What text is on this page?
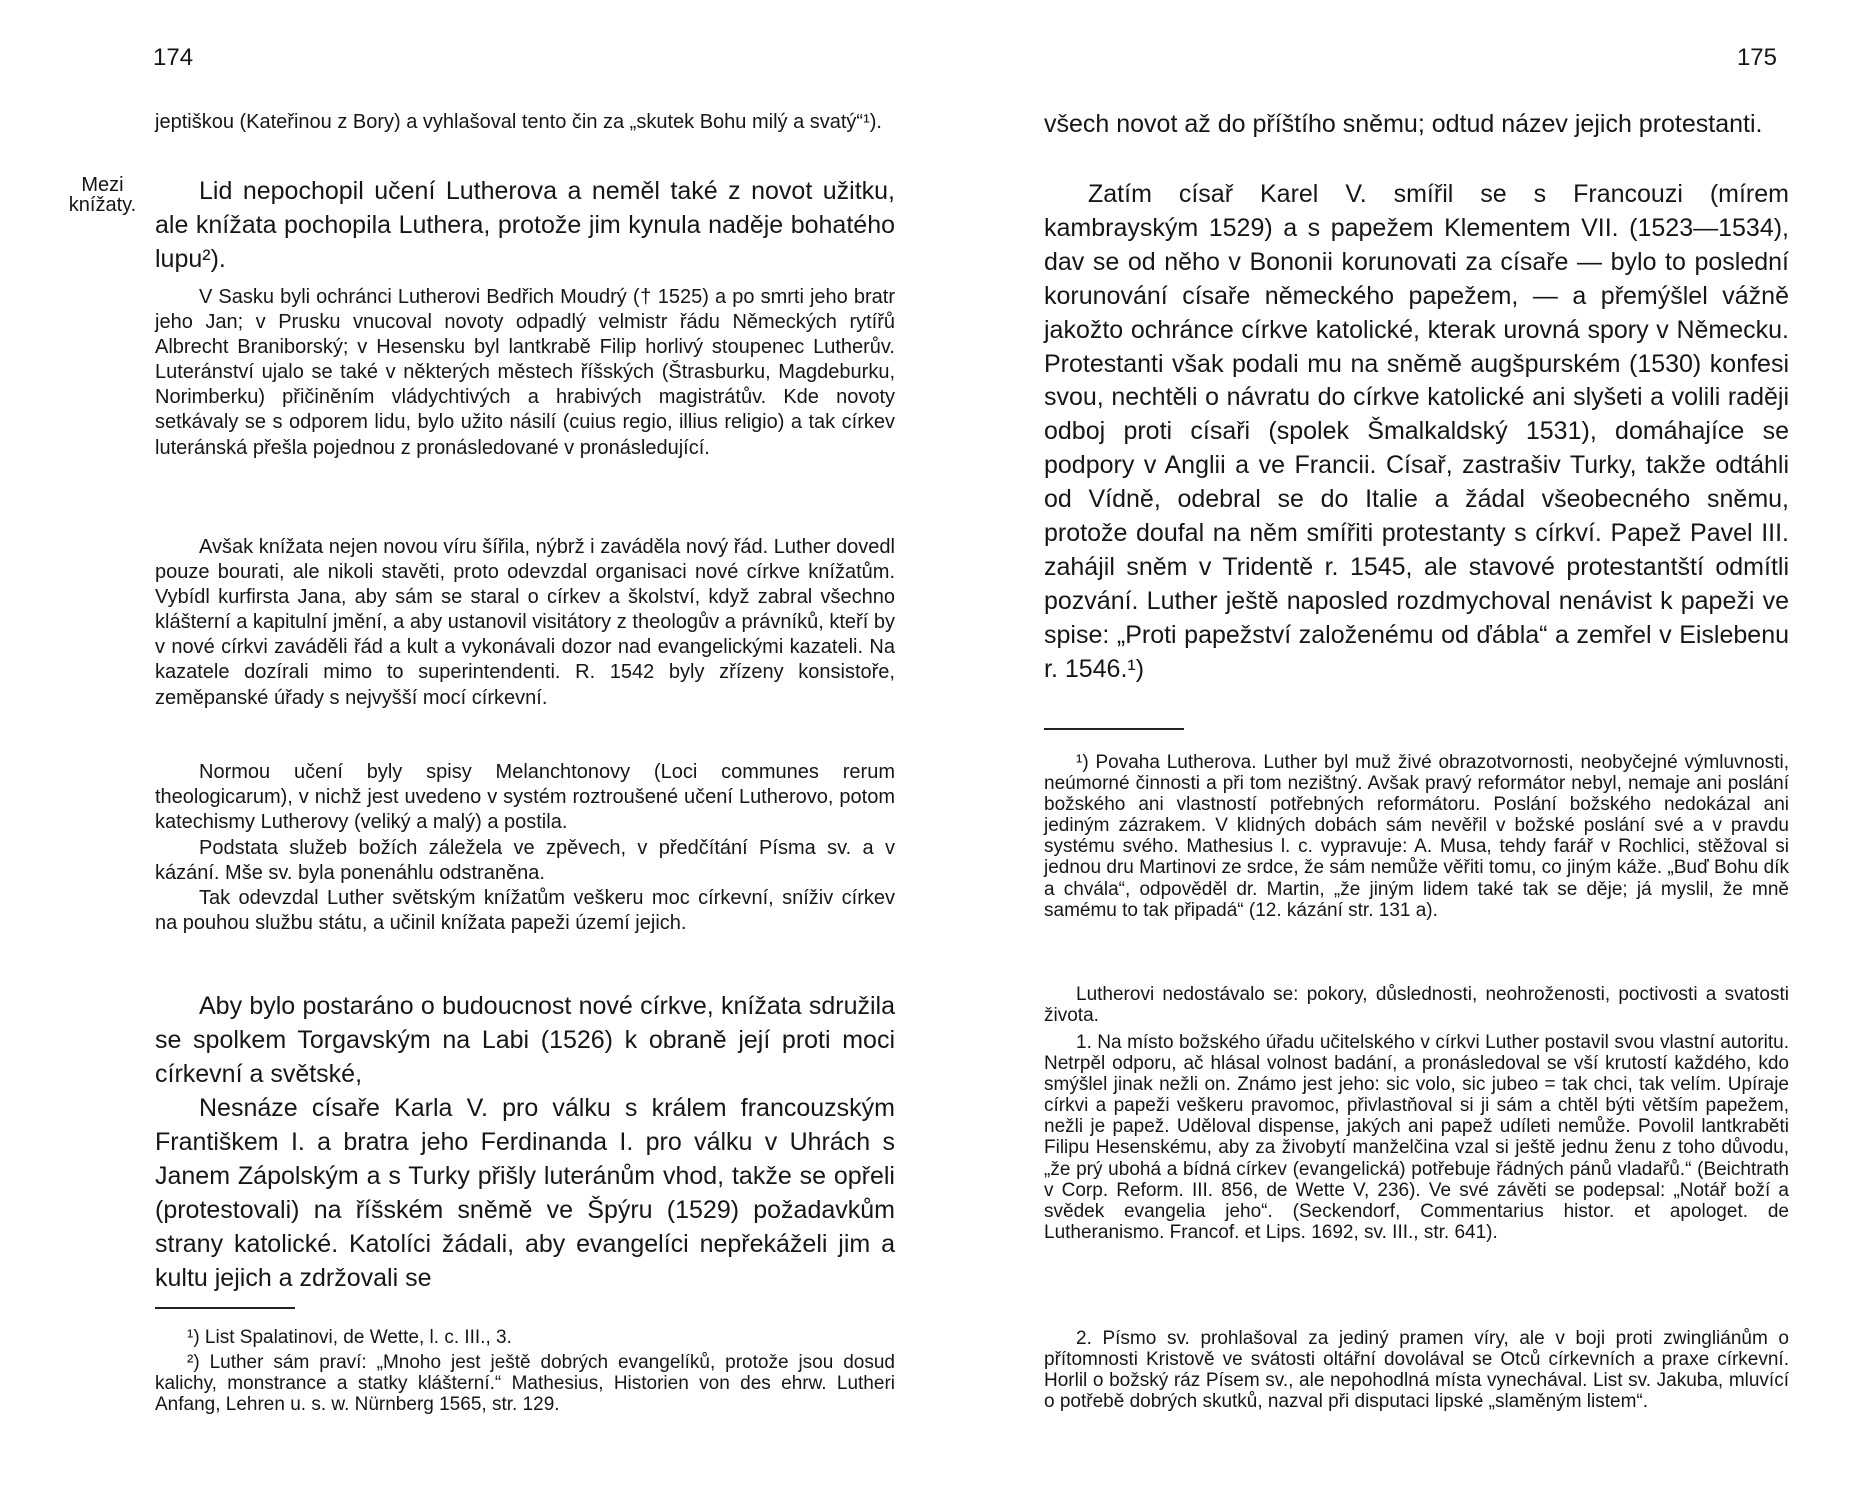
174
Mezi knížaty.

jeptiškou (Kateřinou z Bory) a vyhlašoval tento čin za „skutek Bohu milý a svatý“¹).

Lid nepochopil učení Lutherova a neměl také z novot užitku, ale knížata pochopila Luthera, protože jim kynula naděje bohatého lupu²).

V Sasku byli ochránci Lutherovi Bedřich Moudrý († 1525) a po smrti jeho bratr jeho Jan; v Prusku vnucoval novoty odpadlý velmistr řádu Německých rytířů Albrecht Braniborský; v Hesensku byl lantkrabě Filip horlivý stoupenec Lutherův. Luteránství ujalo se také v některých městech říšských (Štrasburku, Magdeburku, Norimberku) přičiněním vládychtivých a hrabivých magistrátův. Kde novoty setkávaly se s odporem lidu, bylo užito násilí (cuius regio, illius religio) a tak církev luteránská přešla pojednou z pronásledované v pronásledující.

Avšak knížata nejen novou víru šířila, nýbrž i zaváděla nový řád. Luther dovedl pouze bourati, ale nikoli stavěti, proto odevzdal organisaci nové církve knížatům. Vybídl kurfirsta Jana, aby sám se staral o církev a školství, když zabral všechno klášterní a kapitulní jmění, a aby ustanovil visitátory z theologův a právníků, kteří by v nové církvi zaváděli řád a kult a vykonávali dozor nad evangelickými kazateli. Na kazatele dozírali mimo to superintendenti. R. 1542 byly zřízeny konsistoře, zeměpanské úřady s nejvyšší mocí církevní.

Normou učení byly spisy Melanchtonovy (Loci communes rerum theologicarum), v nichž jest uvedeno v systém roztroušené učení Lutherovo, potom katechismy Lutherovy (veliký a malý) a postila.

Podstata služeb božích záležela ve zpěvech, v předčítání Písma sv. a v kázání. Mše sv. byla ponenáhlu odstraněna.

Tak odevzdal Luther světským knížatům veškeru moc církevní, sníživ církev na pouhou službu státu, a učinil knížata papeži území jejich.

Aby bylo postaráno o budoucnost nové církve, knížata sdružila se spolkem Torgavským na Labi (1526) k obraně její proti moci církevní a světské,

Nesnáze císaře Karla V. pro válku s králem francouzským Františkem I. a bratra jeho Ferdinanda I. pro válku v Uhrách s Janem Zápolským a s Turky přišly luteránům vhod, takže se opřeli (protestovali) na říšském sněmě ve Špýru (1529) požadavkům strany katolické. Katolíci žádali, aby evangelíci nepřekáželi jim a kultu jejich a zdržovali se

¹) List Spalatinovi, de Wette, l. c. III., 3.

²) Luther sám praví: „Mnoho jest ještě dobrých evangelíků, protože jsou dosud kalichy, monstrance a statky klášterní.“ Mathesius, Historien von des ehrw. Lutheri Anfang, Lehren u. s. w. Nürnberg 1565, str. 129.

175

všech novot až do příštího sněmu; odtud název jejich protestanti.

Zatím císař Karel V. smířil se s Francouzi (mírem kambrayským 1529) a s papežem Klementem VII. (1523—1534), dav se od něho v Bononii korunovati za císaře — bylo to poslední korunování císaře německého papežem, — a přemýšlel vážně jakožto ochránce církve katolické, kterak urovná spory v Německu. Protestanti však podali mu na sněmě augšpurském (1530) konfesi svou, nechtěli o návratu do církve katolické ani slyšeti a volili raději odboj proti císaři (spolek Šmalkaldský 1531), domáhajíce se podpory v Anglii a ve Francii. Císař, zastrašiv Turky, takže odtáhli od Vídně, odebral se do Italie a žádal všeobecného sněmu, protože doufal na něm smířiti protestanty s církví. Papež Pavel III. zahájil sněm v Tridentě r. 1545, ale stavové protestantští odmítli pozvání. Luther ještě naposled rozdmychoval nenávist k papeži ve spise: „Proti papežství založenému od ďábla“ a zemřel v Eislebenu r. 1546.¹)

¹) Povaha Lutherova. Luther byl muž živé obrazotvornosti, neobyčejné výmluvnosti, neúmorné činnosti a při tom nezištný. Avšak pravý reformátor nebyl, nemaje ani poslání božského ani vlastností potřebných reformátoru. Poslání božského nedokázal ani jediným zázrakem. V klidných dobách sám nevěřil v božské poslání své a v pravdu systému svého. Mathesius l. c. vypravuje: A. Musa, tehdy farář v Rochlici, stěžoval si jednou dru Martinovi ze srdce, že sám nemůže věřiti tomu, co jiným káže. „Buď Bohu dík a chvála“, odpověděl dr. Martin, „že jiným lidem také tak se děje; já myslil, že mně samému to tak připadá“ (12. kázání str. 131 a).

Lutherovi nedostávalo se: pokory, důslednosti, neohroženosti, poctivosti a svatosti života.

1. Na místo božského úřadu učitelského v církvi Luther postavil svou vlastní autoritu. Netrpěl odporu, ač hlásal volnost badání, a pronásledoval se vší krutostí každého, kdo smýšlel jinak nežli on. Známo jest jeho: sic volo, sic jubeo = tak chci, tak velím. Upíraje církvi a papeži veškeru pravomoc, přivlastňoval si ji sám a chtěl býti větším papežem, nežli je papež. Uděloval dispense, jakých ani papež udíleti nemůže. Povolil lantkraběti Filipu Hesenskému, aby za živobytí manželčina vzal si ještě jednu ženu z toho důvodu, „že prý ubohá a bídná církev (evangelická) potřebuje řádných pánů vladařů.“ (Beichtrath v Corp. Reform. III. 856, de Wette V, 236). Ve své závěti se podepsal: „Notář boží a svědek evangelia jeho“. (Seckendorf, Commentarius histor. et apologet. de Lutheranismo. Francof. et Lips. 1692, sv. III., str. 641).

2. Písmo sv. prohlašoval za jediný pramen víry, ale v boji proti zwingliánům o přítomnosti Kristově ve svátosti oltářní dovolával se Otců církevních a praxe církevní. Horlil o božský ráz Písem sv., ale nepohodlná místa vynechával. List sv. Jakuba, mluvící o potřebě dobrých skutků, nazval při disputaci lipské „slaměným listem“.
